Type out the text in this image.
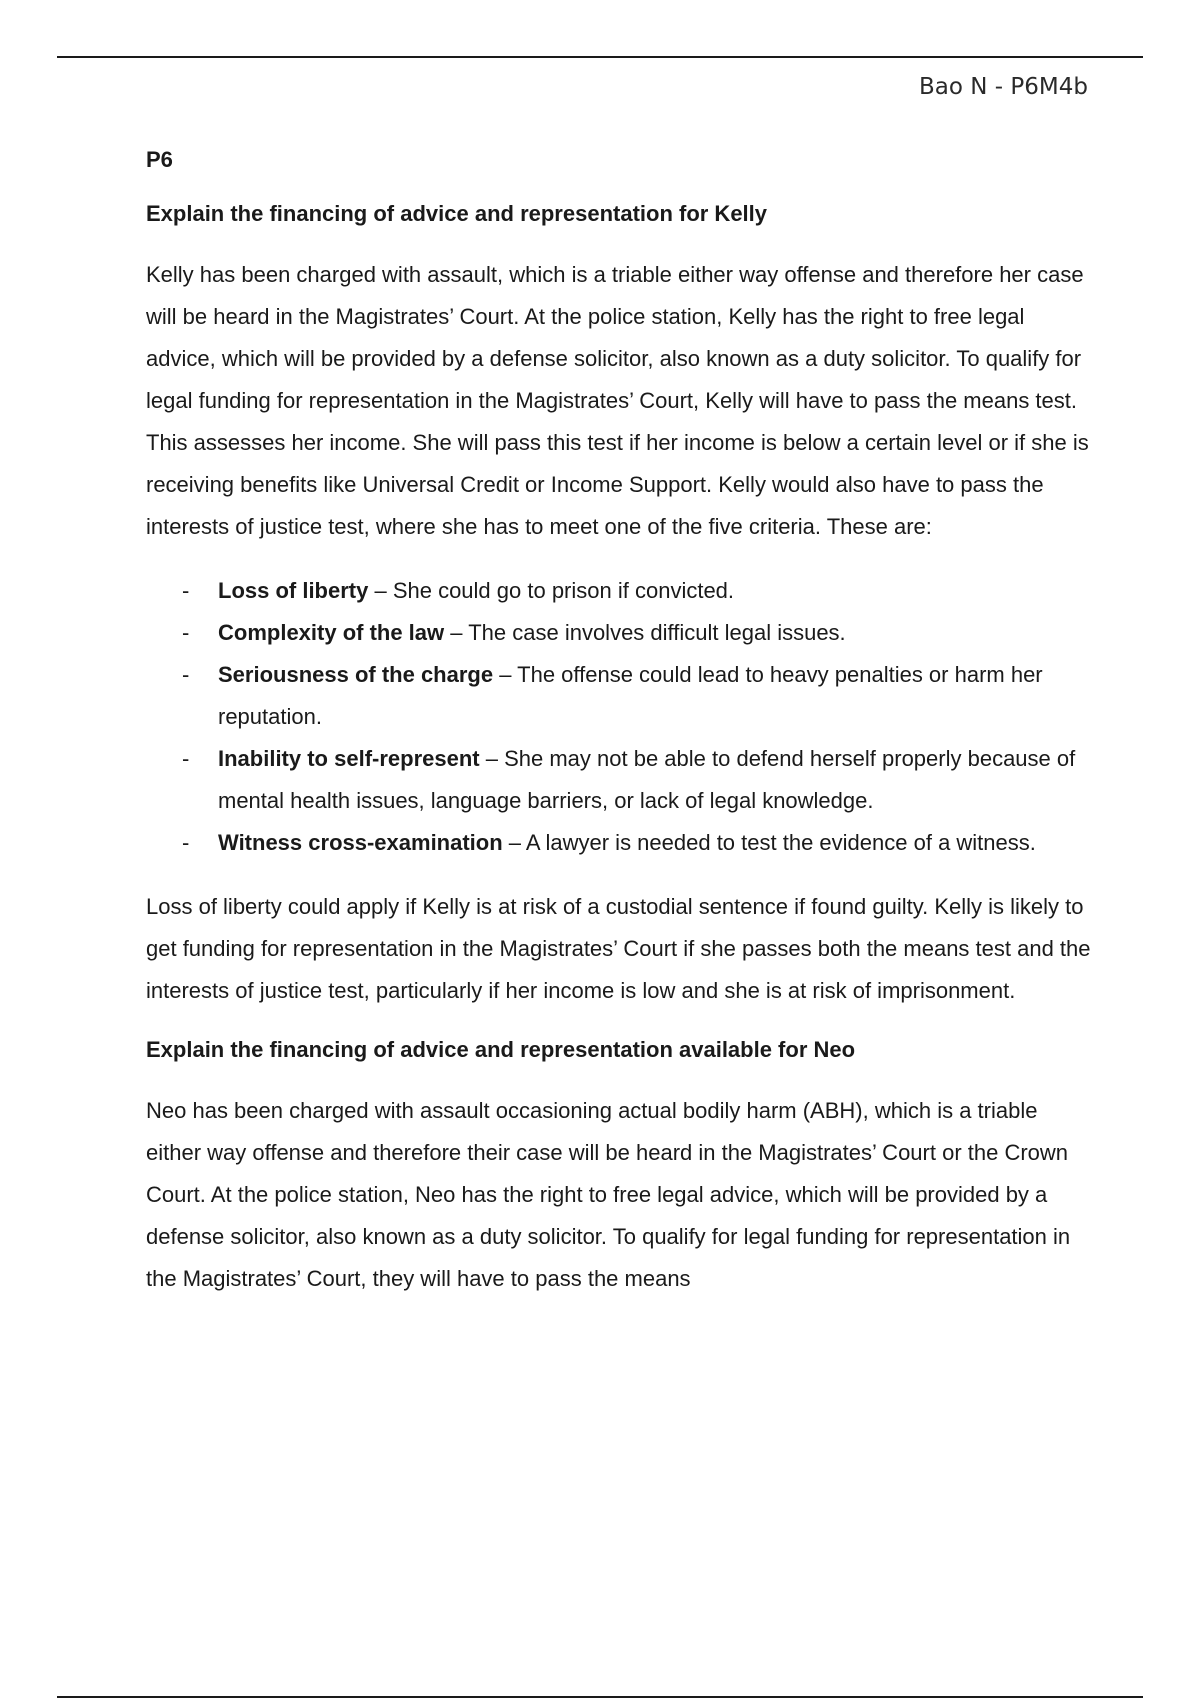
Bao N - P6M4b
P6
Explain the financing of advice and representation for Kelly

Kelly has been charged with assault, which is a triable either way offense and therefore her case will be heard in the Magistrates’ Court. At the police station, Kelly has the right to free legal advice, which will be provided by a defense solicitor, also known as a duty solicitor. To qualify for legal funding for representation in the Magistrates’ Court, Kelly will have to pass the means test. This assesses her income. She will pass this test if her income is below a certain level or if she is receiving benefits like Universal Credit or Income Support. Kelly would also have to pass the interests of justice test, where she has to meet one of the five criteria. These are:

- Loss of liberty – She could go to prison if convicted.
- Complexity of the law – The case involves difficult legal issues.
- Seriousness of the charge – The offense could lead to heavy penalties or harm her reputation.
- Inability to self-represent – She may not be able to defend herself properly because of mental health issues, language barriers, or lack of legal knowledge.
- Witness cross-examination – A lawyer is needed to test the evidence of a witness.

Loss of liberty could apply if Kelly is at risk of a custodial sentence if found guilty. Kelly is likely to get funding for representation in the Magistrates’ Court if she passes both the means test and the interests of justice test, particularly if her income is low and she is at risk of imprisonment.

Explain the financing of advice and representation available for Neo

Neo has been charged with assault occasioning actual bodily harm (ABH), which is a triable either way offense and therefore their case will be heard in the Magistrates’ Court or the Crown Court. At the police station, Neo has the right to free legal advice, which will be provided by a defense solicitor, also known as a duty solicitor. To qualify for legal funding for representation in the Magistrates’ Court, they will have to pass the means
